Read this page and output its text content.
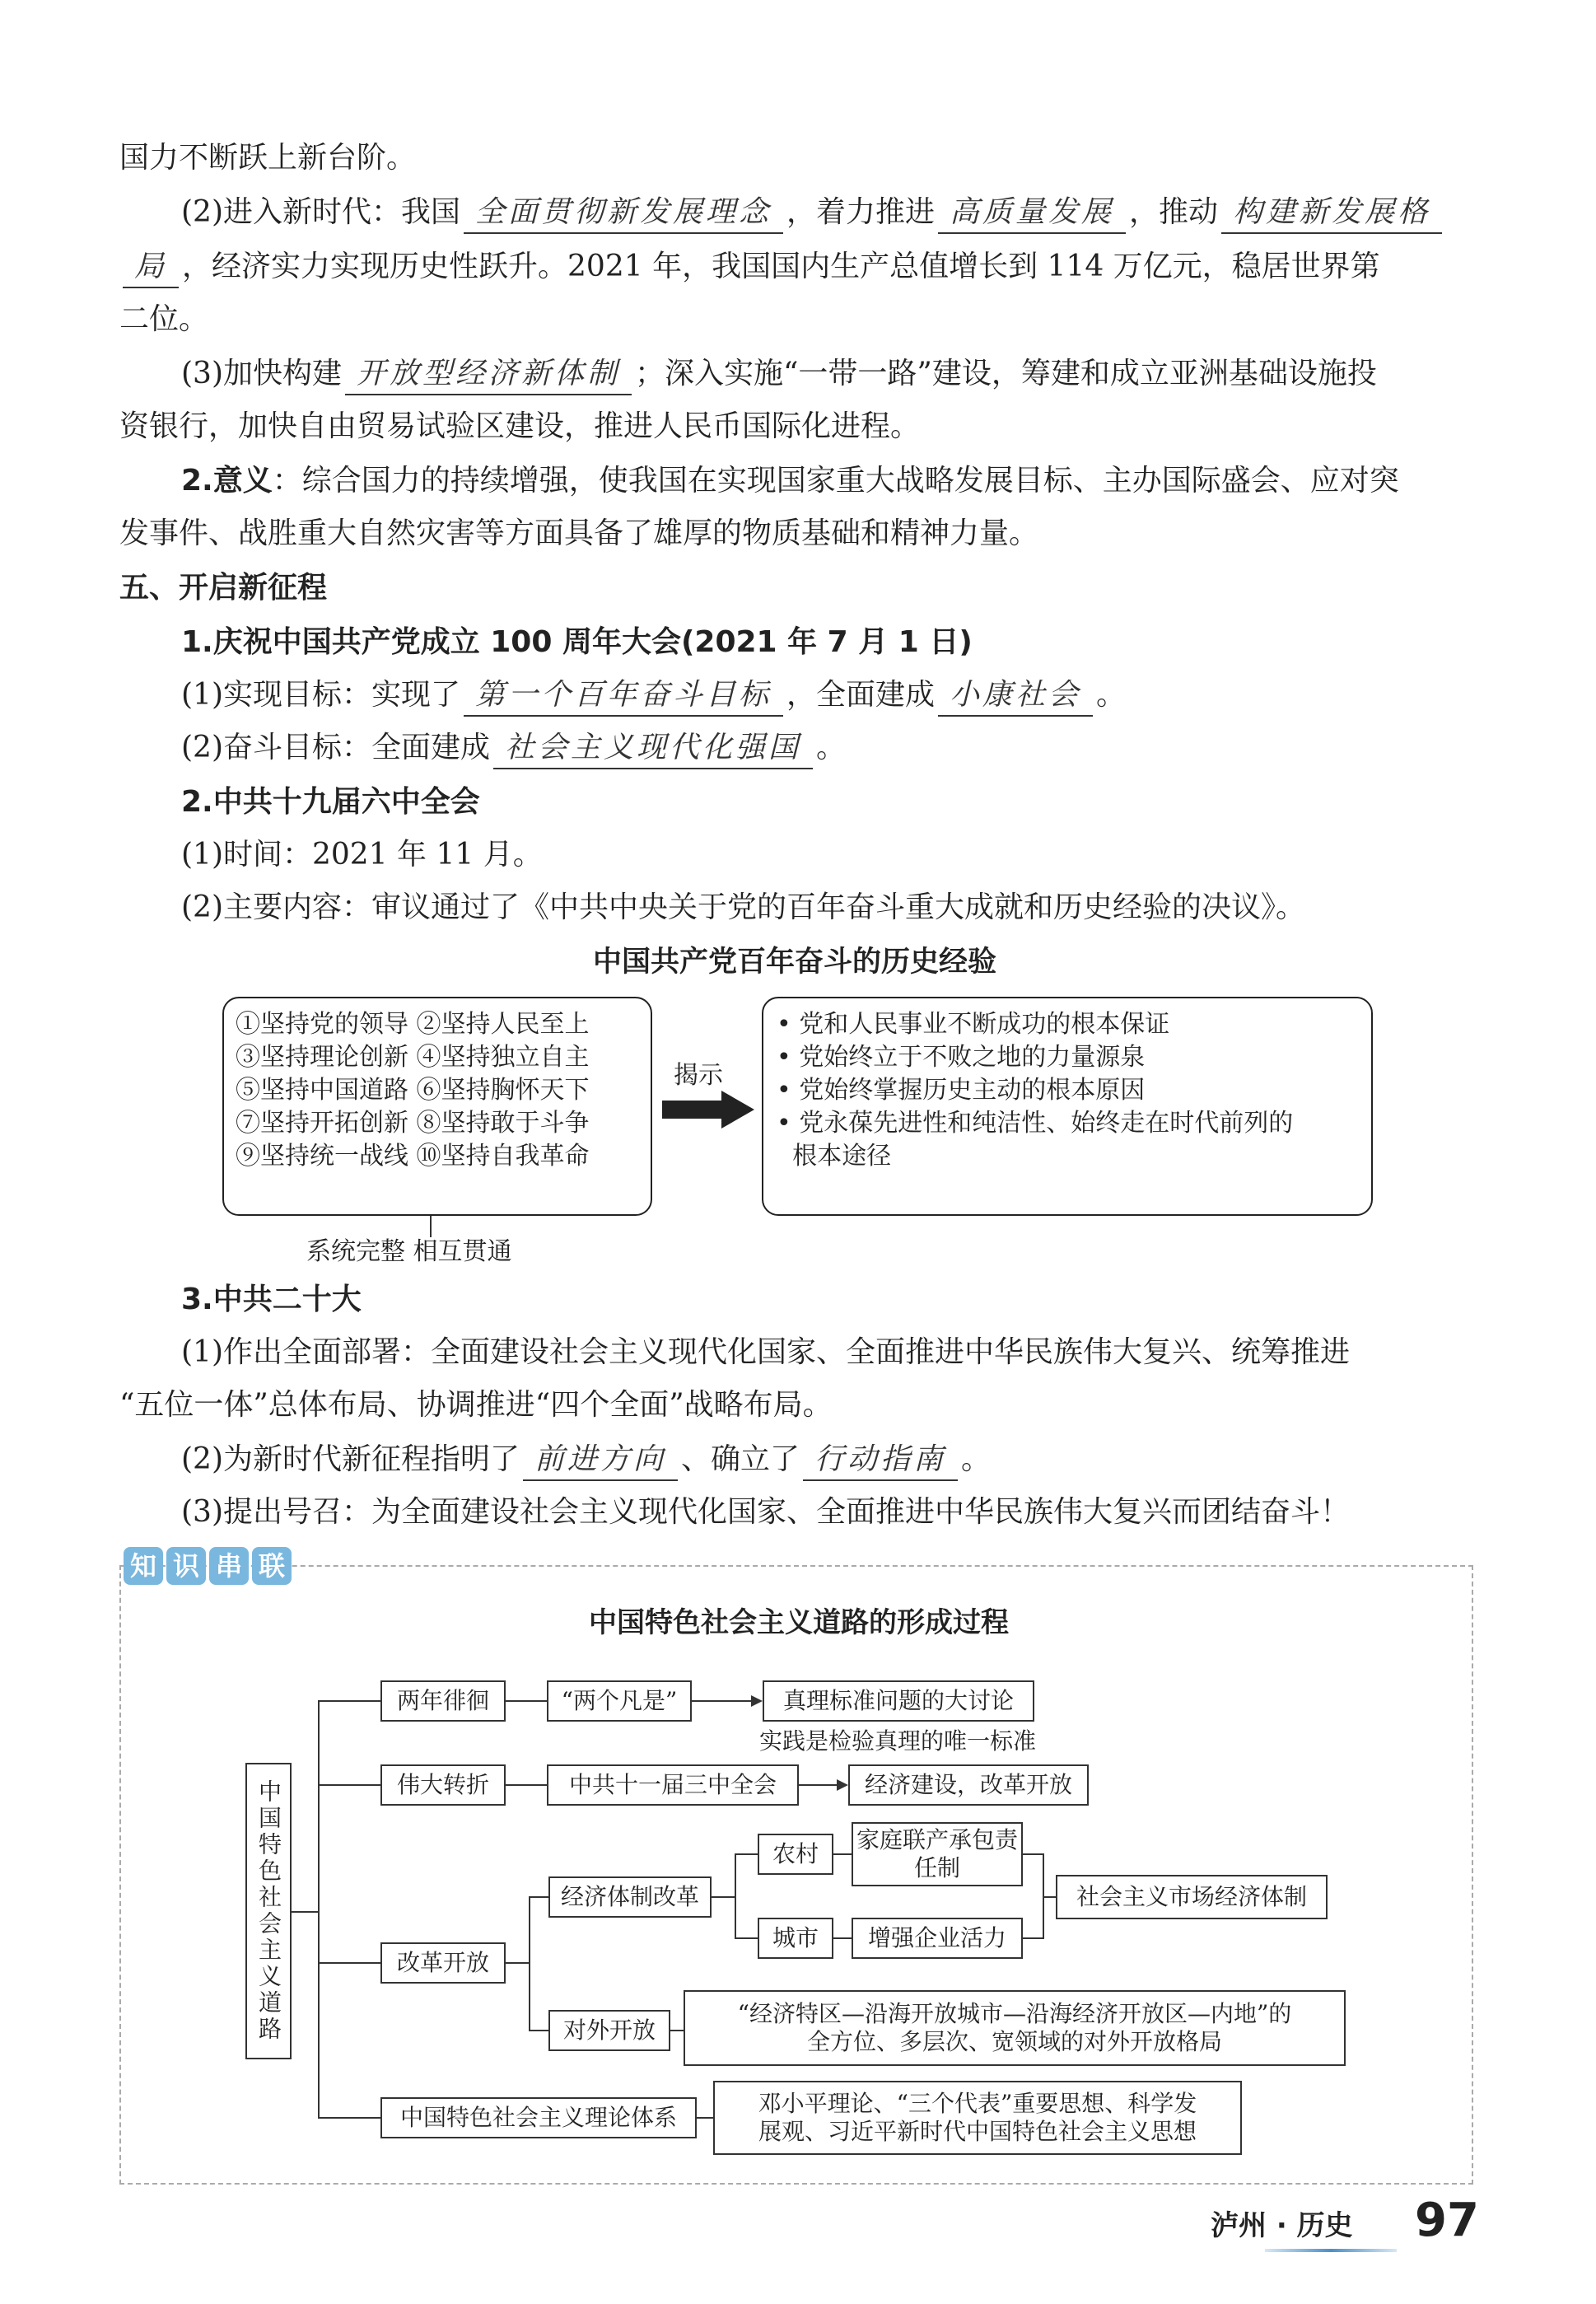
国力不断跃上新台阶。
(2)进入新时代：我国 全面贯彻新发展理念 ，着力推进 高质量发展 ，推动 构建新发展格
局 ，经济实力实现历史性跃升。2021 年，我国国内生产总值增长到 114 万亿元，稳居世界第
二位。
(3)加快构建 开放型经济新体制 ；深入实施“一带一路”建设，筹建和成立亚洲基础设施投
资银行，加快自由贸易试验区建设，推进人民币国际化进程。
2.意义：综合国力的持续增强，使我国在实现国家重大战略发展目标、主办国际盛会、应对突
发事件、战胜重大自然灾害等方面具备了雄厚的物质基础和精神力量。
五、开启新征程
1.庆祝中国共产党成立 100 周年大会(2021 年 7 月 1 日)
(1)实现目标：实现了 第一个百年奋斗目标 ，全面建成 小康社会 。
(2)奋斗目标：全面建成 社会主义现代化强国 。
2.中共十九届六中全会
(1)时间：2021 年 11 月。
(2)主要内容：审议通过了《中共中央关于党的百年奋斗重大成就和历史经验的决议》。
中国共产党百年奋斗的历史经验
①坚持党的领导 ②坚持人民至上
③坚持理论创新 ④坚持独立自主
⑤坚持中国道路 ⑥坚持胸怀天下
⑦坚持开拓创新 ⑧坚持敢于斗争
⑨坚持统一战线 ⑩坚持自我革命
揭示
• 党和人民事业不断成功的根本保证
• 党始终立于不败之地的力量源泉
• 党始终掌握历史主动的根本原因
• 党永葆先进性和纯洁性、始终走在时代前列的
根本途径
系统完整 相互贯通
3.中共二十大
(1)作出全面部署：全面建设社会主义现代化国家、全面推进中华民族伟大复兴、统筹推进
“五位一体”总体布局、协调推进“四个全面”战略布局。
(2)为新时代新征程指明了 前进方向 、确立了 行动指南 。
(3)提出号召：为全面建设社会主义现代化国家、全面推进中华民族伟大复兴而团结奋斗！
知 识 串 联
中国特色社会主义道路的形成过程
中国特色社会主义道路
两年徘徊	“两个凡是”	真理标准问题的大讨论
实践是检验真理的唯一标准
伟大转折	中共十一届三中全会	经济建设，改革开放
改革开放
经济体制改革
农村
家庭联产承包责任制
城市	增强企业活力
社会主义市场经济体制
对外开放
“经济特区—沿海开放城市—沿海经济开放区—内地”的
全方位、多层次、宽领域的对外开放格局
中国特色社会主义理论体系
邓小平理论、“三个代表”重要思想、科学发
展观、习近平新时代中国特色社会主义思想
泸州 · 历史 97
